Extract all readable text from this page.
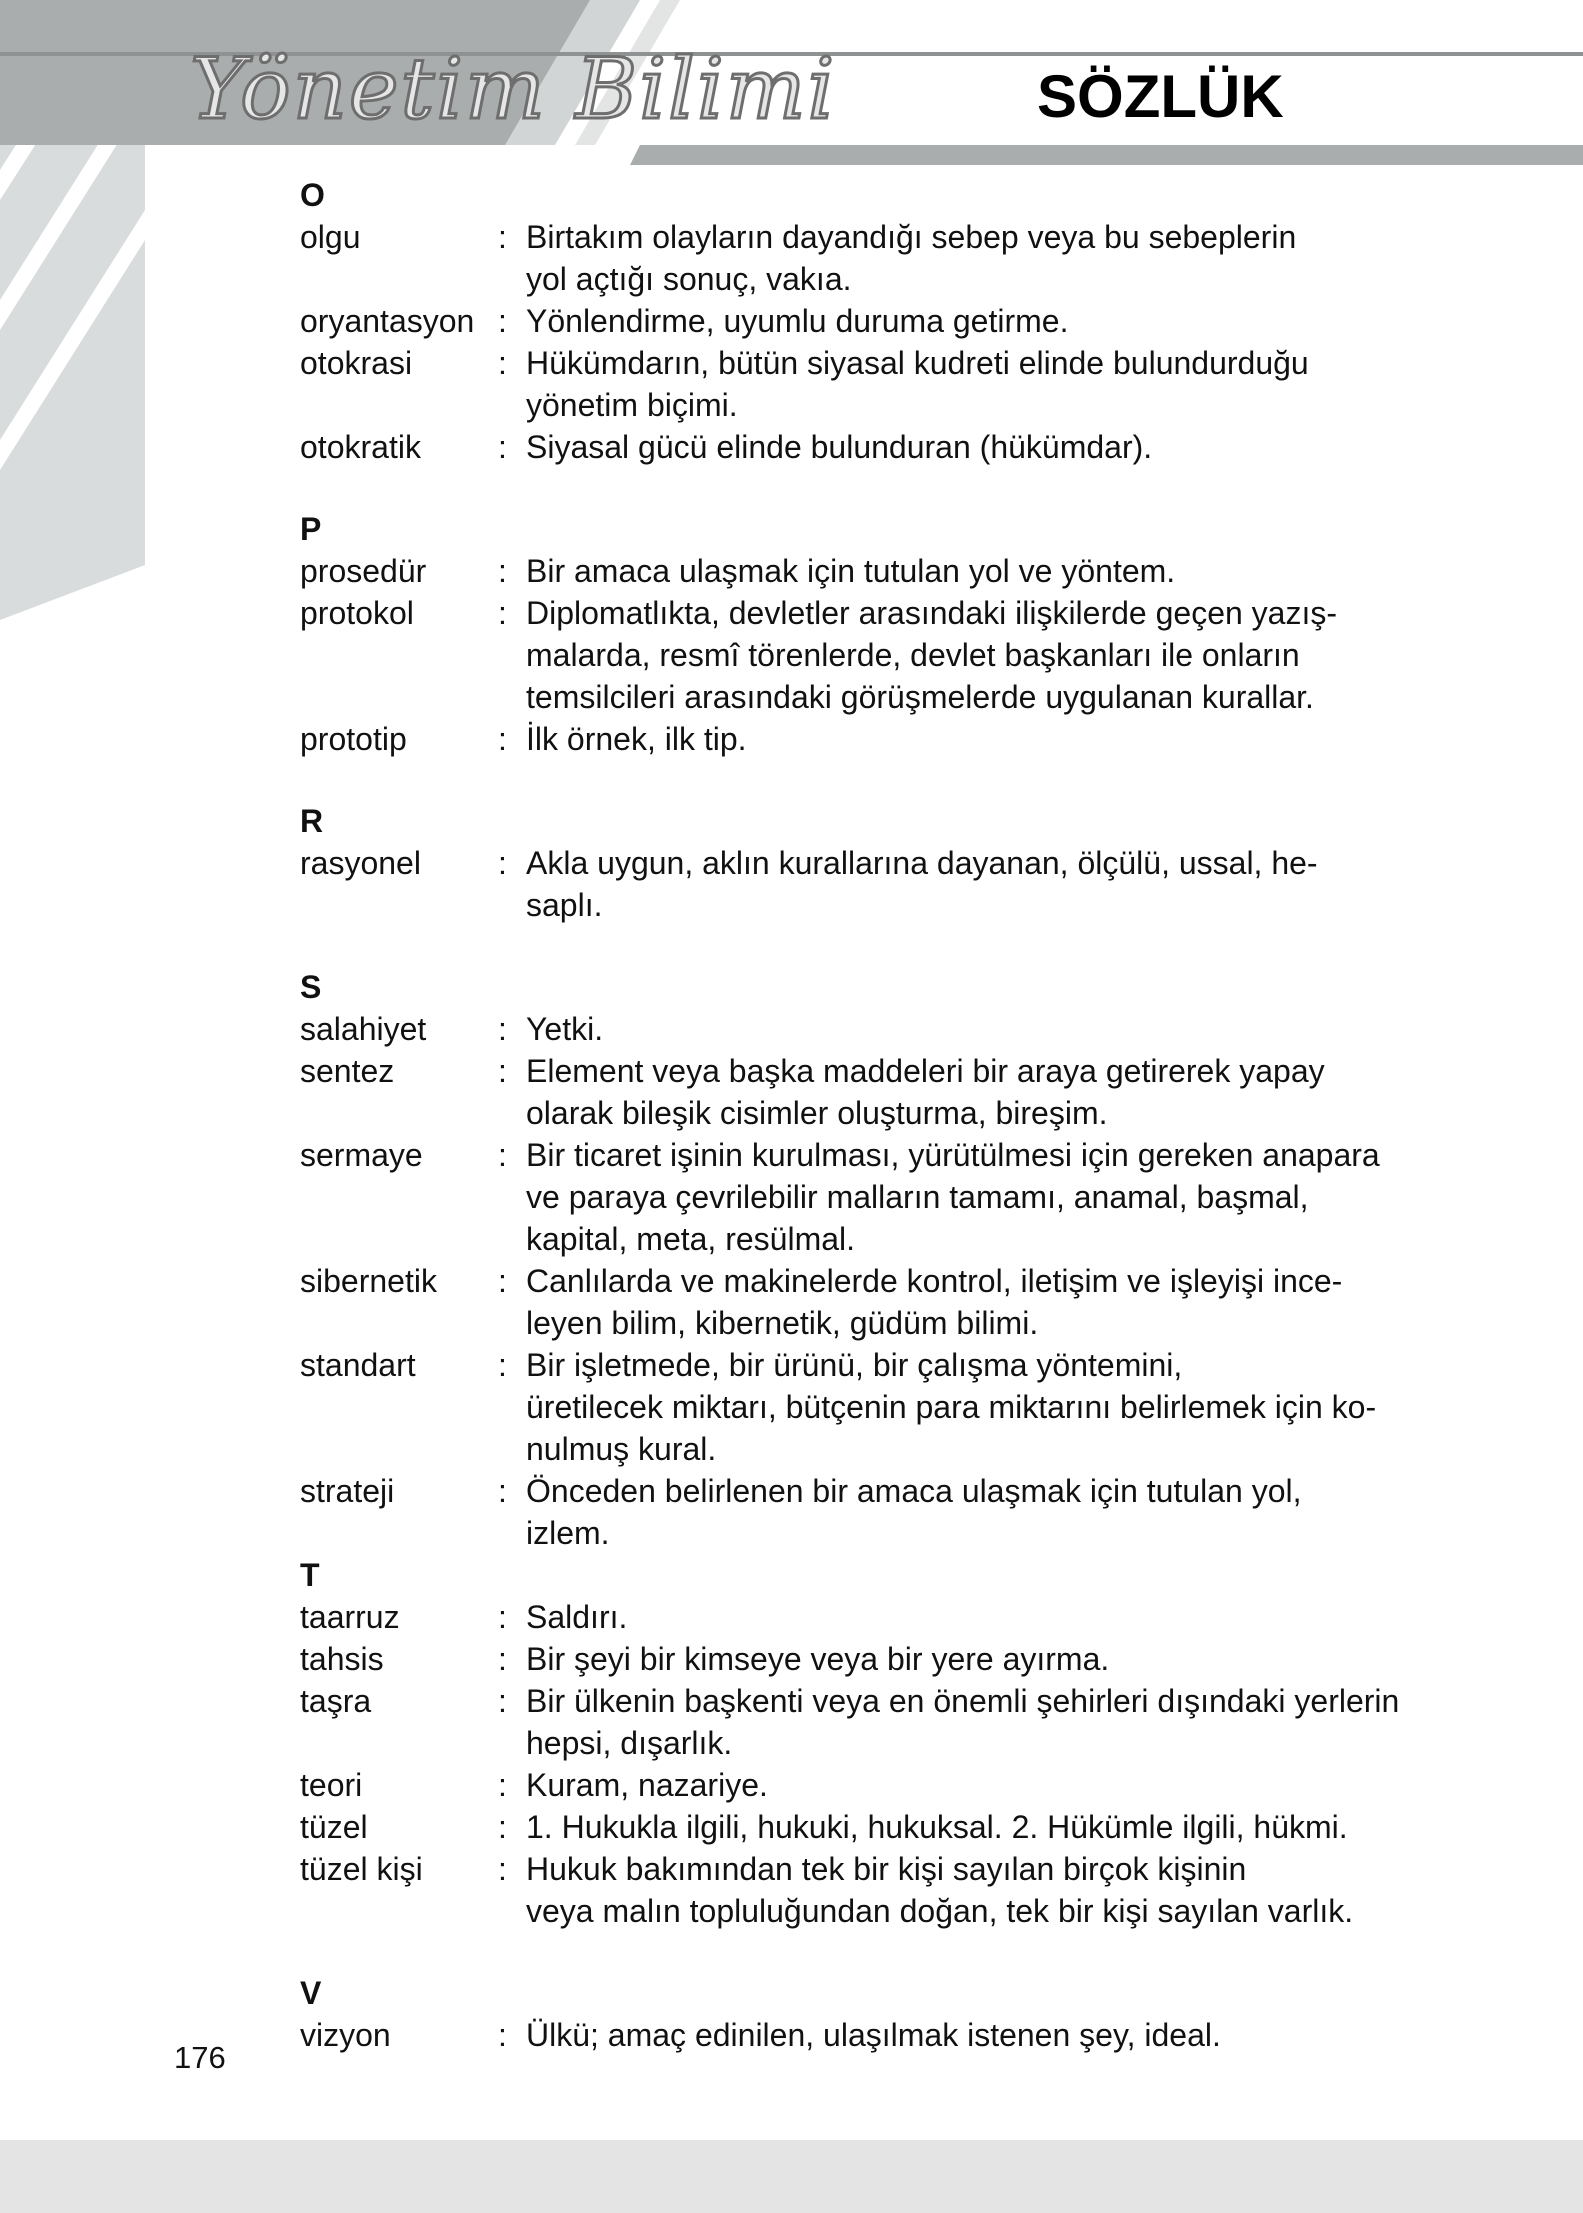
Yönetim Bilimi	SÖZLÜK
O
olgu	: Birtakım olayların dayandığı sebep veya bu sebeplerin
yol açtığı sonuç, vakıa.
oryantasyon : Yönlendirme, uyumlu duruma getirme.
otokrasi	: Hükümdarın, bütün siyasal kudreti elinde bulundurduğu
yönetim biçimi.
otokratik	: Siyasal gücü elinde bulunduran (hükümdar).
P
prosedür	: Bir amaca ulaşmak için tutulan yol ve yöntem.
protokol	: Diplomatlıkta, devletler arasındaki ilişkilerde geçen yazış-
malarda, resmî törenlerde, devlet başkanları ile onların
temsilcileri arasındaki görüşmelerde uygulanan kurallar.
prototip	: İlk örnek, ilk tip.
R
rasyonel	: Akla uygun, aklın kurallarına dayanan, ölçülü, ussal, he-
saplı.
S
salahiyet	: Yetki.
sentez	: Element veya başka maddeleri bir araya getirerek yapay
olarak bileşik cisimler oluşturma, bireşim.
sermaye	: Bir ticaret işinin kurulması, yürütülmesi için gereken anapara
ve paraya çevrilebilir malların tamamı, anamal, başmal,
kapital, meta, resülmal.
sibernetik	: Canlılarda ve makinelerde kontrol, iletişim ve işleyişi ince-
leyen bilim, kibernetik, güdüm bilimi.
standart	: Bir işletmede, bir ürünü, bir çalışma yöntemini,
üretilecek miktarı, bütçenin para miktarını belirlemek için ko-
nulmuş kural.
strateji	: Önceden belirlenen bir amaca ulaşmak için tutulan yol,
izlem.
T
taarruz	: Saldırı.
tahsis	: Bir şeyi bir kimseye veya bir yere ayırma.
taşra	: Bir ülkenin başkenti veya en önemli şehirleri dışındaki yerlerin
hepsi, dışarlık.
teori	: Kuram, nazariye.
tüzel	: 1. Hukukla ilgili, hukuki, hukuksal. 2. Hükümle ilgili, hükmi.
tüzel kişi	: Hukuk bakımından tek bir kişi sayılan birçok kişinin
veya malın topluluğundan doğan, tek bir kişi sayılan varlık.
V
vizyon	: Ülkü; amaç edinilen, ulaşılmak istenen şey, ideal.
176
